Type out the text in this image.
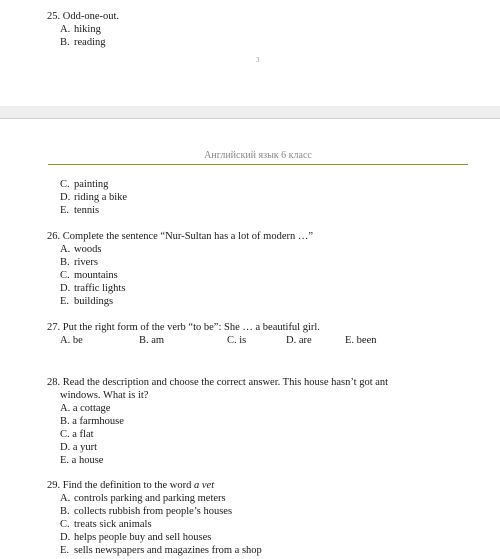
25. Odd-one-out.
A. hiking
B. reading
3
Английский язык 6 класс
C. painting
D. riding a bike
E. tennis
26. Complete the sentence “Nur-Sultan has a lot of modern …”
A. woods
B. rivers
C. mountains
D. traffic lights
E. buildings
27. Put the right form of the verb “to be”: She … a beautiful girl.
A. be	B. am	C. is	D. are	E. been
28. Read the description and choose the correct answer. This house hasn’t got ant
windows. What is it?
A. a cottage
B. a farmhouse
C. a flat
D. a yurt
E. a house
29. Find the definition to the word a vet
A. controls parking and parking meters
B. collects rubbish from people’s houses
C. treats sick animals
D. helps people buy and sell houses
E. sells newspapers and magazines from a shop
